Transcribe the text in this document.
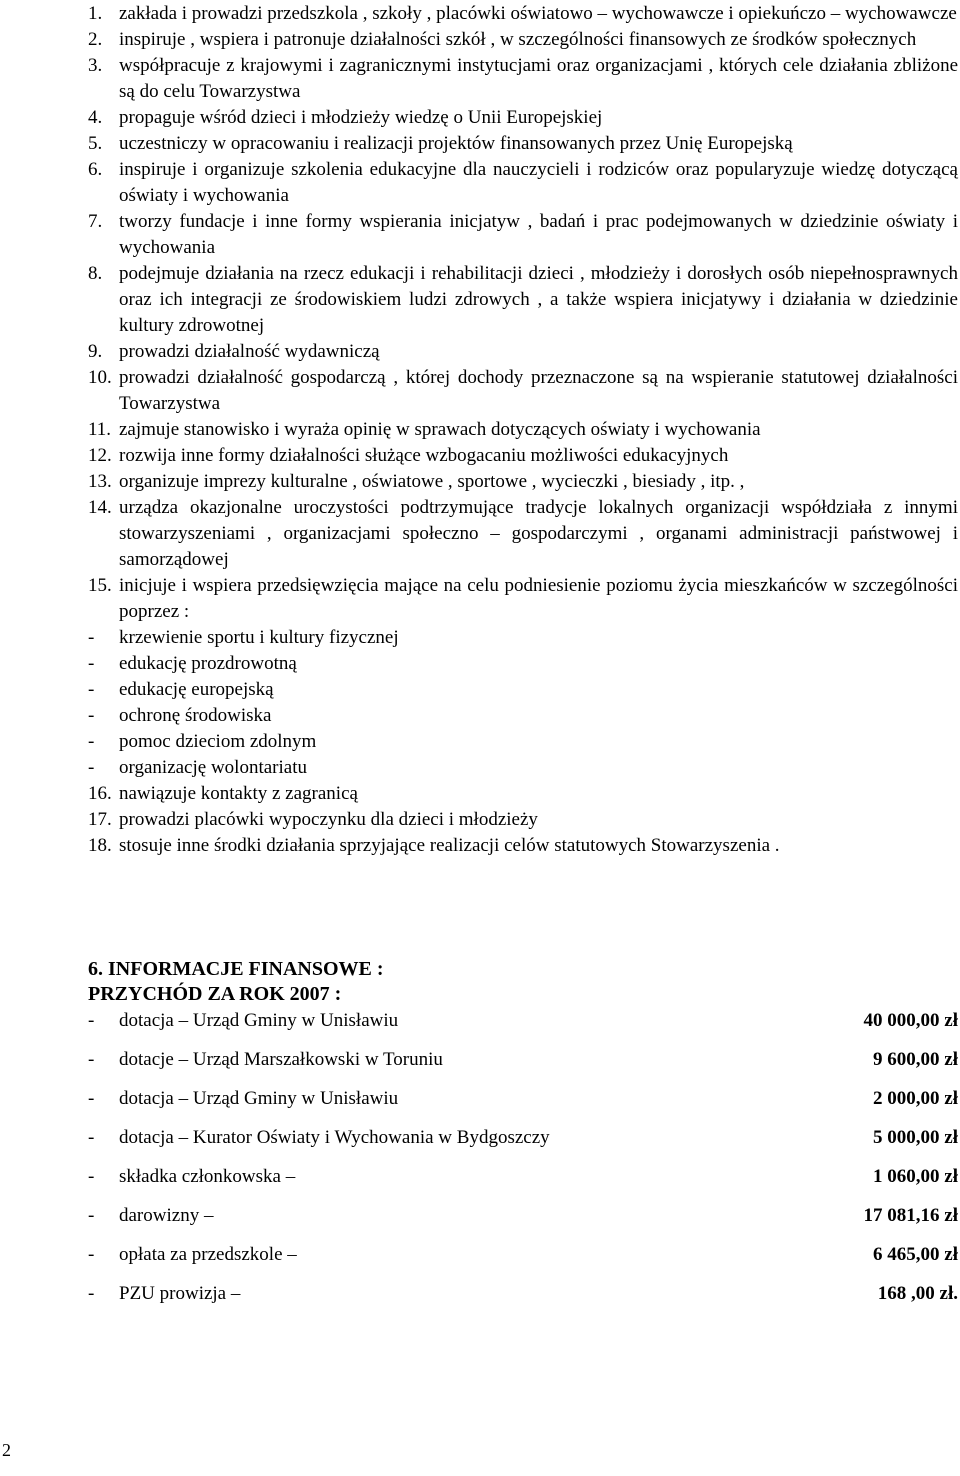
1. zakłada i prowadzi przedszkola , szkoły , placówki oświatowo – wychowawcze i opiekuńczo – wychowawcze
2. inspiruje , wspiera i patronuje działalności szkół , w szczególności finansowych ze środków społecznych
3. współpracuje z krajowymi i zagranicznymi instytucjami oraz organizacjami , których cele działania zbliżone są do celu Towarzystwa
4. propaguje wśród dzieci i młodzieży wiedzę o Unii Europejskiej
5. uczestniczy w opracowaniu i realizacji projektów finansowanych przez Unię Europejską
6. inspiruje i organizuje szkolenia edukacyjne dla nauczycieli i rodziców oraz popularyzuje wiedzę dotyczącą oświaty i wychowania
7. tworzy fundacje i inne formy wspierania inicjatyw , badań i prac podejmowanych w dziedzinie oświaty i wychowania
8. podejmuje działania na rzecz edukacji i rehabilitacji dzieci , młodzieży i dorosłych osób niepełnosprawnych oraz ich integracji ze środowiskiem ludzi zdrowych , a także wspiera inicjatywy i działania w dziedzinie kultury zdrowotnej
9. prowadzi działalność wydawniczą
10. prowadzi działalność gospodarczą , której dochody przeznaczone są na wspieranie statutowej działalności Towarzystwa
11. zajmuje stanowisko i wyraża opinię w sprawach dotyczących oświaty i wychowania
12. rozwija inne formy działalności służące wzbogacaniu możliwości edukacyjnych
13. organizuje imprezy kulturalne , oświatowe , sportowe , wycieczki , biesiady , itp. ,
14. urządza okazjonalne uroczystości podtrzymujące tradycje lokalnych organizacji współdziała z innymi stowarzyszeniami , organizacjami społeczno – gospodarczymi , organami administracji państwowej i samorządowej
15. inicjuje i wspiera przedsięwzięcia mające na celu podniesienie poziomu życia mieszkańców w szczególności poprzez :
-	krzewienie sportu i kultury fizycznej
-	edukację prozdrowotną
-	edukację europejską
-	ochronę środowiska
-	pomoc dzieciom zdolnym
-	organizację wolontariatu
16. nawiązuje kontakty z zagranicą
17. prowadzi placówki wypoczynku dla dzieci i młodzieży
18. stosuje inne środki działania sprzyjające realizacji celów statutowych Stowarzyszenia .
6. INFORMACJE FINANSOWE :
PRZYCHÓD ZA ROK 2007 :
-	dotacja – Urząd Gminy w Unisławiu	40 000,00 zł
-	dotacje – Urząd Marszałkowski w Toruniu	9 600,00 zł
-	dotacja – Urząd Gminy w Unisławiu	2 000,00 zł
-	dotacja – Kurator Oświaty i Wychowania w Bydgoszczy	5 000,00 zł
-	składka członkowska –	1 060,00 zł
-	darowizny –	17 081,16 zł
-	opłata za przedszkole –	6 465,00 zł
-	PZU prowizja –	168 ,00 zł.
2
